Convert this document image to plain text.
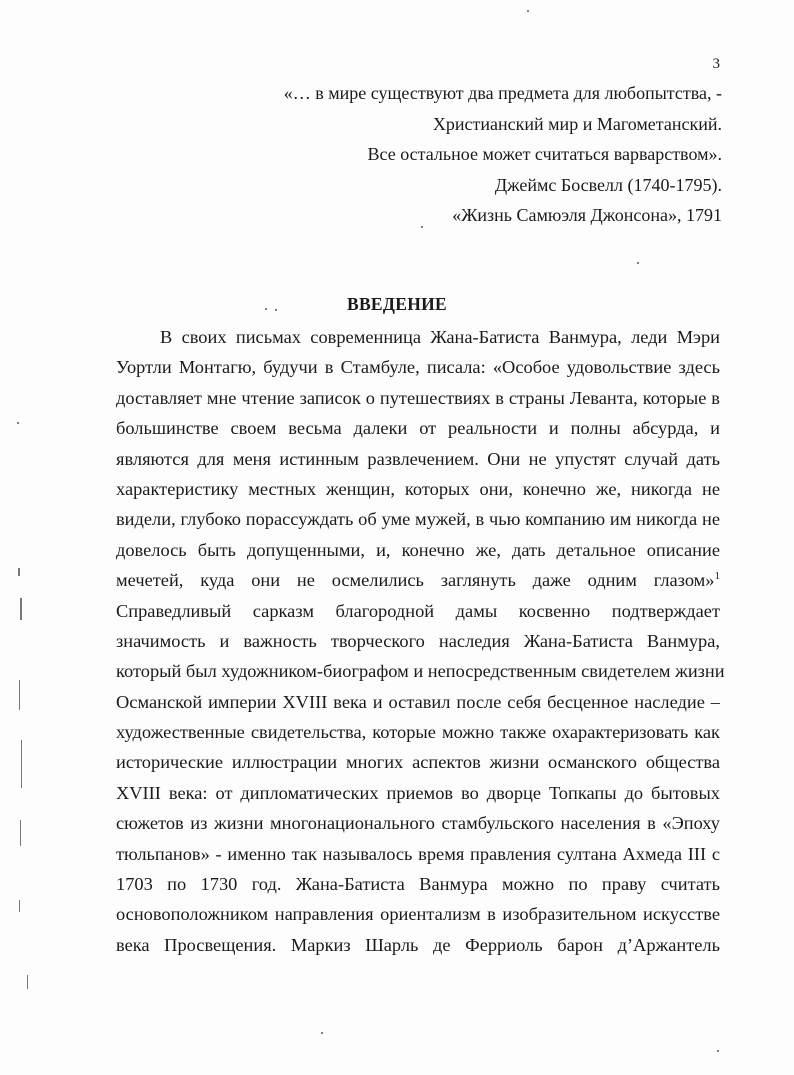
3
«… в мире существуют два предмета для любопытства, -
Христианский мир и Магометанский.
Все остальное может считаться варварством».
Джеймс Босвелл (1740-1795).
«Жизнь Самюэля Джонсона», 1791
ВВЕДЕНИЕ
В своих письмах современница Жана-Батиста Ванмура, леди Мэри
Уортли Монтагю, будучи в Стамбуле, писала: «Особое удовольствие здесь
доставляет мне чтение записок о путешествиях в страны Леванта, которые в
большинстве своем весьма далеки от реальности и полны абсурда, и
являются для меня истинным развлечением. Они не упустят случай дать
характеристику местных женщин, которых они, конечно же, никогда не
видели, глубоко порассуждать об уме мужей, в чью компанию им никогда не
довелось быть допущенными, и, конечно же, дать детальное описание
мечетей, куда они не осмелились заглянуть даже одним глазом»$^1$
Справедливый сарказм благородной дамы косвенно подтверждает
значимость и важность творческого наследия Жана-Батиста Ванмура,
который был художником-биографом и непосредственным свидетелем жизни
Османской империи XVIII века и оставил после себя бесценное наследие –
художественные свидетельства, которые можно также охарактеризовать как
исторические иллюстрации многих аспектов жизни османского общества
XVIII века: от дипломатических приемов во дворце Топкапы до бытовых
сюжетов из жизни многонационального стамбульского населения в «Эпоху
тюльпанов» - именно так называлось время правления султана Ахмеда III с
1703 по 1730 год. Жана-Батиста Ванмура можно по праву считать
основоположником направления ориентализм в изобразительном искусстве
века Просвещения. Маркиз Шарль де Ферриоль барон д’Аржантель
